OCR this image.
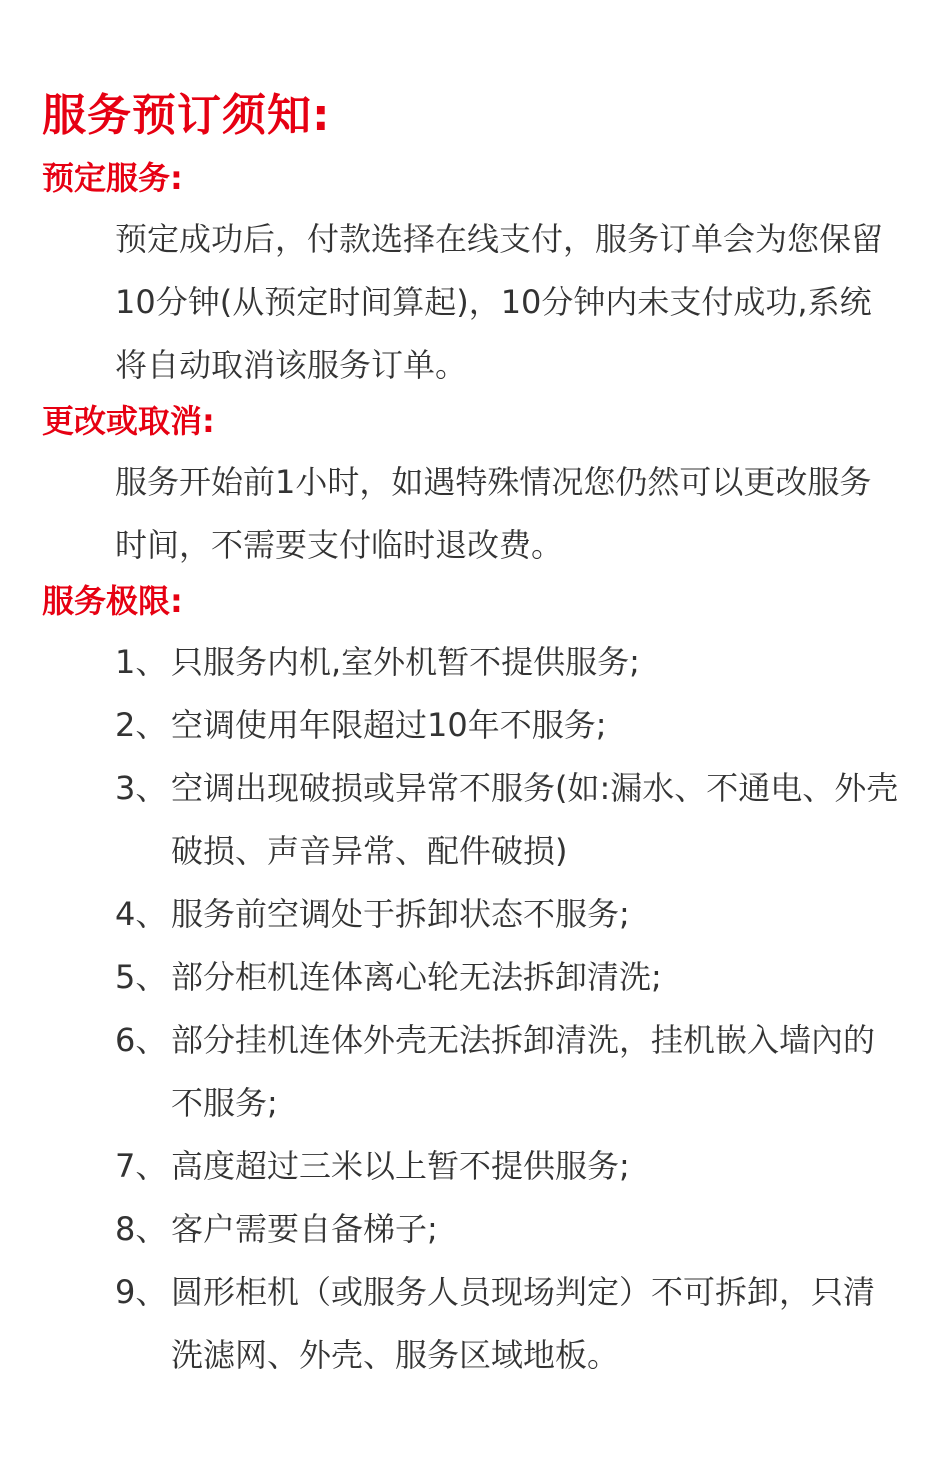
服务预订须知:
预定服务:

预定成功后，付款选择在线支付，服务订单会为您保留10分钟(从预定时间算起)，10分钟内未支付成功,系统将自动取消该服务订单。

更改或取消:

服务开始前1小时，如遇特殊情况您仍然可以更改服务时间，不需要支付临时退改费。

服务极限:
1、 只服务内机,室外机暂不提供服务;
2、 空调使用年限超过10年不服务;
3、 空调出现破损或异常不服务(如:漏水、不通电、外壳破损、声音异常、配件破损)
4、 服务前空调处于拆卸状态不服务;
5、 部分柜机连体离心轮无法拆卸清洗;
6、 部分挂机连体外壳无法拆卸清洗，挂机嵌入墙內的不服务;
7、 高度超过三米以上暂不提供服务;
8、 客户需要自备梯子;
9、 圆形柜机（或服务人员现场判定）不可拆卸，只清洗滤网、外壳、服务区域地板。
